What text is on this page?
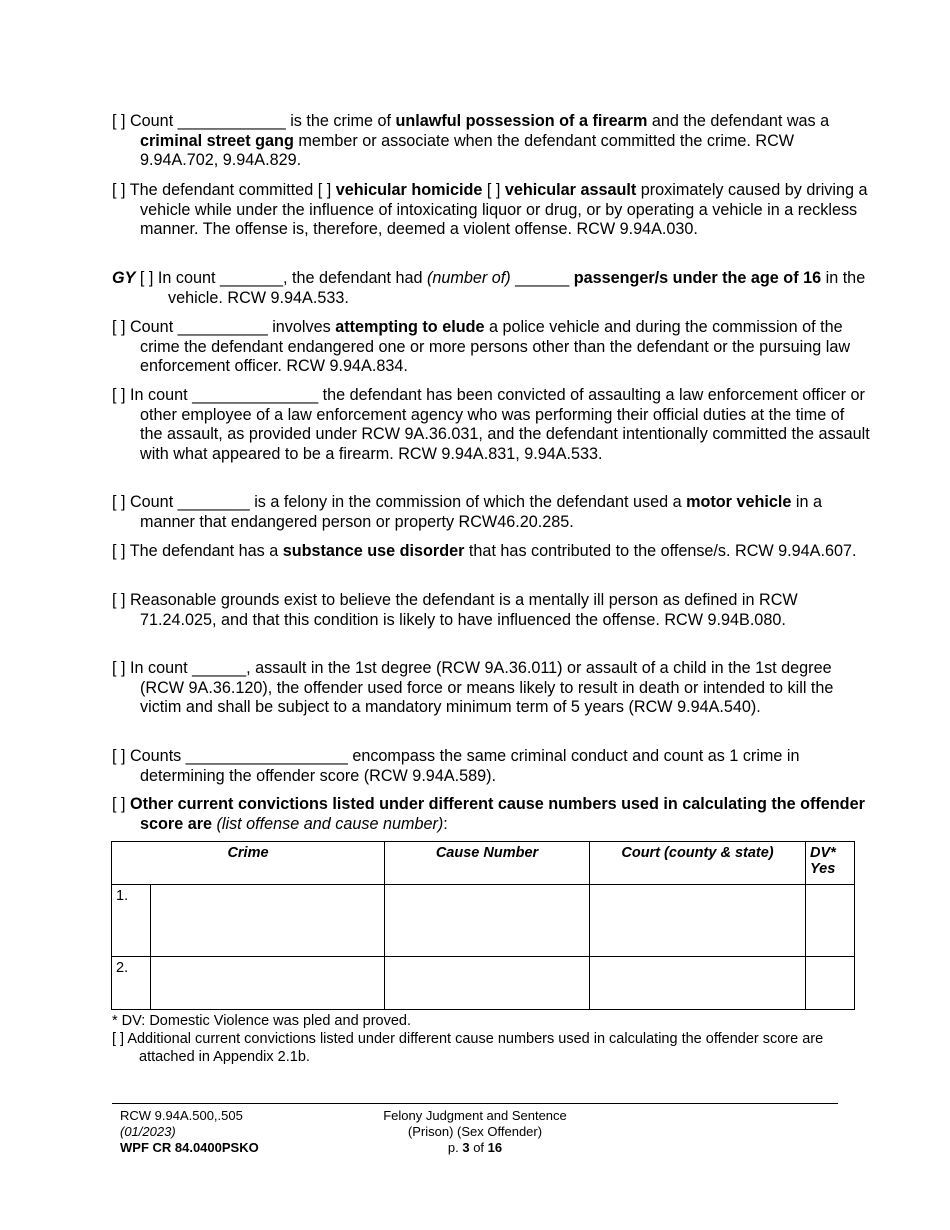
[ ] Count ____________ is the crime of unlawful possession of a firearm and the defendant was a criminal street gang member or associate when the defendant committed the crime. RCW 9.94A.702, 9.94A.829.
[ ] The defendant committed [ ] vehicular homicide [ ] vehicular assault proximately caused by driving a vehicle while under the influence of intoxicating liquor or drug, or by operating a vehicle in a reckless manner. The offense is, therefore, deemed a violent offense. RCW 9.94A.030.
GY [ ] In count _______, the defendant had (number of) ______ passenger/s under the age of 16 in the vehicle. RCW 9.94A.533.
[ ] Count __________ involves attempting to elude a police vehicle and during the commission of the crime the defendant endangered one or more persons other than the defendant or the pursuing law enforcement officer. RCW 9.94A.834.
[ ] In count ______________ the defendant has been convicted of assaulting a law enforcement officer or other employee of a law enforcement agency who was performing their official duties at the time of the assault, as provided under RCW 9A.36.031, and the defendant intentionally committed the assault with what appeared to be a firearm. RCW 9.94A.831, 9.94A.533.
[ ] Count ________ is a felony in the commission of which the defendant used a motor vehicle in a manner that endangered person or property RCW46.20.285.
[ ] The defendant has a substance use disorder that has contributed to the offense/s. RCW 9.94A.607.
[ ] Reasonable grounds exist to believe the defendant is a mentally ill person as defined in RCW 71.24.025, and that this condition is likely to have influenced the offense. RCW 9.94B.080.
[ ] In count ______, assault in the 1st degree (RCW 9A.36.011) or assault of a child in the 1st degree (RCW 9A.36.120), the offender used force or means likely to result in death or intended to kill the victim and shall be subject to a mandatory minimum term of 5 years (RCW 9.94A.540).
[ ] Counts __________________ encompass the same criminal conduct and count as 1 crime in determining the offender score (RCW 9.94A.589).
[ ] Other current convictions listed under different cause numbers used in calculating the offender score are (list offense and cause number):
Crime		Cause Number	Court (county & state)	DV*
Yes
1.				
2.				
* DV: Domestic Violence was pled and proved.
[ ] Additional current convictions listed under different cause numbers used in calculating the offender score are attached in Appendix 2.1b.
RCW 9.94A.500,.505
(01/2023)
WPF CR 84.0400PSKO
Felony Judgment and Sentence
(Prison) (Sex Offender)
p. 3 of 16
